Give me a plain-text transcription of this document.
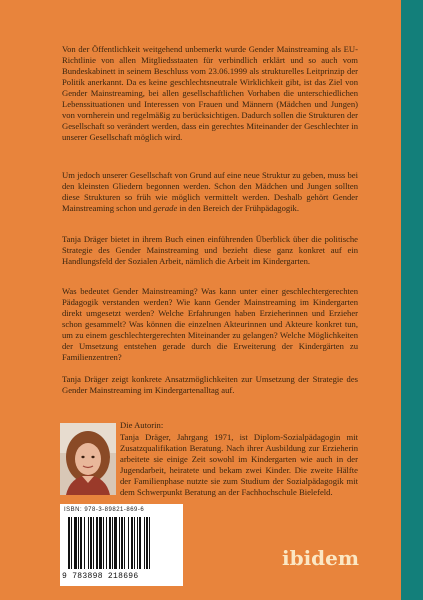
Von der Öffentlichkeit weitgehend unbemerkt wurde Gender Mainstreaming als EU-Richtlinie von allen Mitgliedsstaaten für verbindlich erklärt und so auch vom Bundeskabinett in seinem Beschluss vom 23.06.1999 als strukturelles Leitprinzip der Politik anerkannt. Da es keine geschlechtsneutrale Wirklichkeit gibt, ist das Ziel von Gender Mainstreaming, bei allen gesellschaftlichen Vorhaben die unterschiedlichen Lebenssituationen und Interessen von Frauen und Männern (Mädchen und Jungen) von vornherein und regelmäßig zu berücksichtigen. Dadurch sollen die Strukturen der Gesellschaft so verändert werden, dass ein gerechtes Miteinander der Geschlechter in unserer Gesellschaft möglich wird.

Um jedoch unserer Gesellschaft von Grund auf eine neue Struktur zu geben, muss bei den kleinsten Gliedern begonnen werden. Schon den Mädchen und Jungen sollten diese Strukturen so früh wie möglich vermittelt werden. Deshalb gehört Gender Mainstreaming schon und gerade in den Bereich der Frühpädagogik.

Tanja Dräger bietet in ihrem Buch einen einführenden Überblick über die politische Strategie des Gender Mainstreaming und bezieht diese ganz konkret auf ein Handlungsfeld der Sozialen Arbeit, nämlich die Arbeit im Kindergarten.

Was bedeutet Gender Mainstreaming? Was kann unter einer geschlechtergerechten Pädagogik verstanden werden? Wie kann Gender Mainstreaming im Kindergarten direkt umgesetzt werden? Welche Erfahrungen haben Erzieherinnen und Erzieher schon gesammelt? Was können die einzelnen Akteurinnen und Akteure konkret tun, um zu einem geschlechtergerechten Miteinander zu gelangen? Welche Möglichkeiten der Umsetzung entstehen gerade durch die Erweiterung der Kindergärten zu Familienzentren?

Tanja Dräger zeigt konkrete Ansatzmöglichkeiten zur Umsetzung der Strategie des Gender Mainstreaming im Kindergartenalltag auf.

Die Autorin:

Tanja Dräger, Jahrgang 1971, ist Diplom-Sozialpädagogin mit Zusatzqualifikation Beratung. Nach ihrer Ausbildung zur Erzieherin arbeitete sie einige Zeit sowohl im Kindergarten wie auch in der Jugendarbeit, heiratete und bekam zwei Kinder. Die zweite Hälfte der Familienphase nutzte sie zum Studium der Sozialpädagogik mit dem Schwerpunkt Beratung an der Fachhochschule Bielefeld.

ISBN: 978-3-89821-869-6
9 783898 218696
ibidem
